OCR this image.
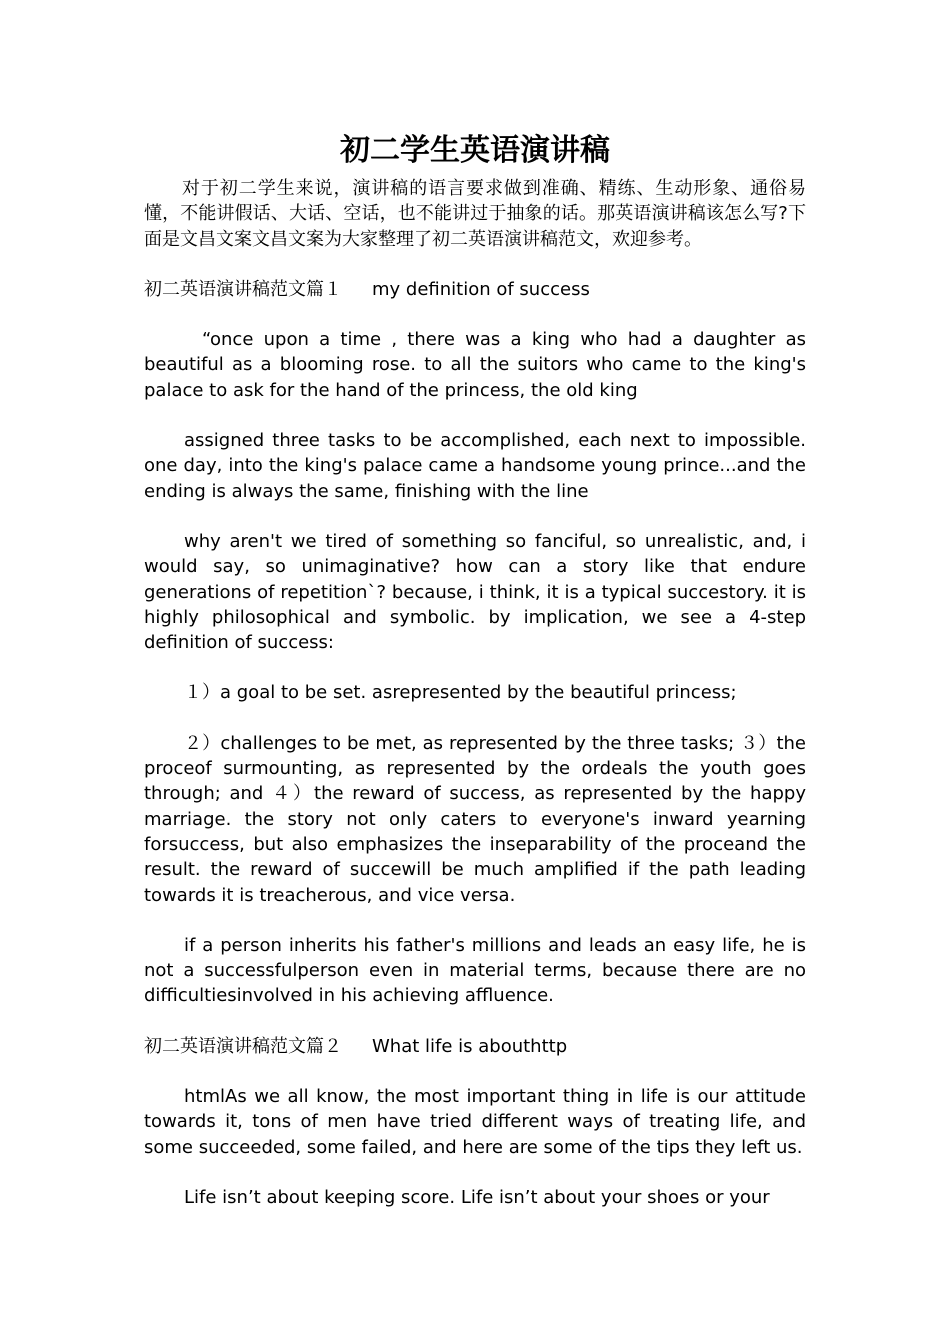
初二学生英语演讲稿

对于初二学生来说，演讲稿的语言要求做到准确、精练、生动形象、通俗易懂，不能讲假话、大话、空话，也不能讲过于抽象的话。那英语演讲稿该怎么写?下面是文昌文案文昌文案为大家整理了初二英语演讲稿范文，欢迎参考。

初二英语演讲稿范文篇１ my definition of success

“once upon a time , there was a king who had a daughter as beautiful as a blooming rose. to all the suitors who came to the king's palace to ask for the hand of the princess, the old king

assigned three tasks to be accomplished, each next to impossible. one day, into the king's palace came a handsome young prince...and the ending is always the same, finishing with the line

why aren't we tired of something so fanciful, so unrealistic, and, i would say, so unimaginative? how can a story like that endure generations of repetition`? because, i think, it is a typical succestory. it is highly philosophical and symbolic. by implication, we see a 4-step definition of success:

１）a goal to be set. asrepresented by the beautiful princess;

２）challenges to be met, as represented by the three tasks; ３）the proceof surmounting, as represented by the ordeals the youth goes through; and ４）the reward of success, as represented by the happy marriage. the story not only caters to everyone's inward yearning forsuccess, but also emphasizes the inseparability of the proceand the result. the reward of succewill be much amplified if the path leading towards it is treacherous, and vice versa.

if a person inherits his father's millions and leads an easy life, he is not a successfulperson even in material terms, because there are no difficultiesinvolved in his achieving affluence.

初二英语演讲稿范文篇２ What life is abouthttp

htmlAs we all know, the most important thing in life is our attitude towards it, tons of men have tried different ways of treating life, and some succeeded, some failed, and here are some of the tips they left us.

Life isn’t about keeping score. Life isn’t about your shoes or your
